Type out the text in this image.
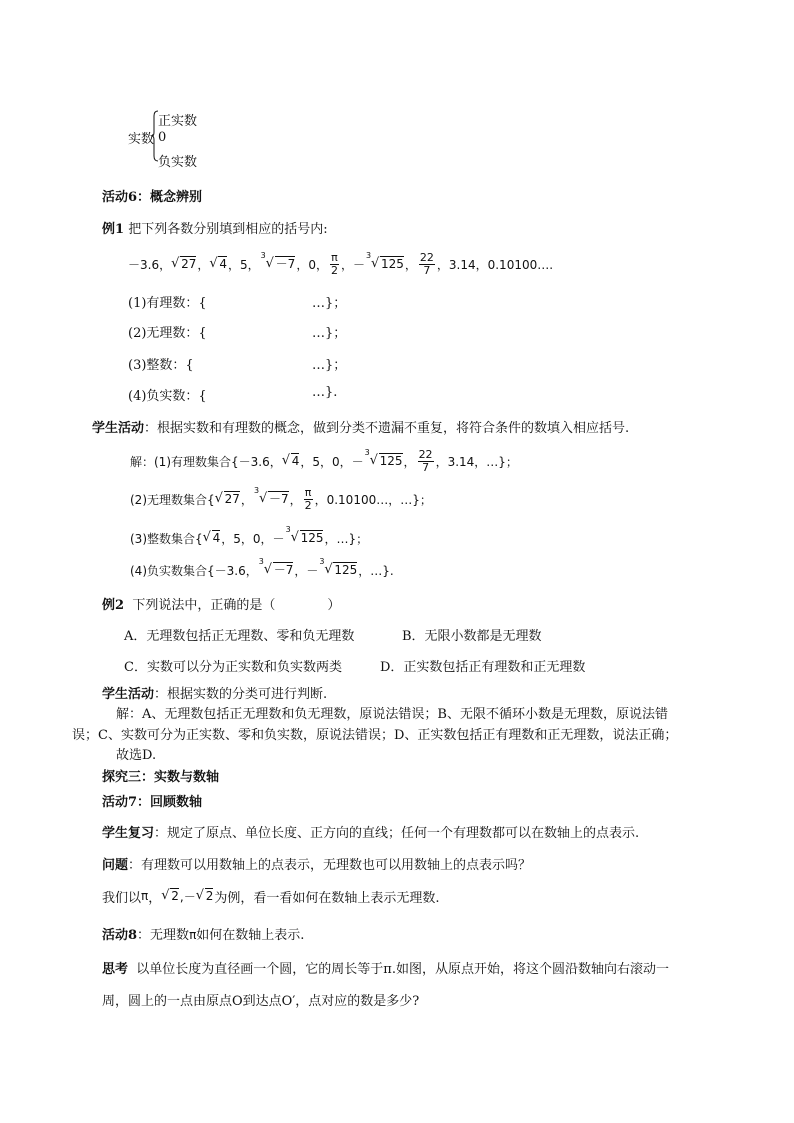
实数
正实数
0
负实数
活动6：概念辨别
例1 把下列各数分别填到相应的括号内:
－3.6， √ 27 ， √ 4 ，5，
3
√ －7 ，0， $\frac{\pi}{2}$ ，－
3
√ 125 ， $\frac{22}{7}$ ，3.14，0.10100….
(1)有理数：{	…}；
(2)无理数：{	…}；
(3)整数：{	…}；
(4)负实数：{	…}.
学生活动：根据实数和有理数的概念，做到分类不遗漏不重复，将符合条件的数填入相应括号.
解：(1)有理数集合{－3.6， √ 4 ，5，0，－
3
√ 125 ， $\frac{22}{7}$ ，3.14，…}；
(2)无理数集合{ √ 27 ，
3
√ －7 ， $\frac{\pi}{2}$ ，0.10100…，…}；
(3)整数集合{ √ 4 ，5，0，－
3
√ 125 ，…}；
(4)负实数集合{－3.6，
3
√ －7 ，－
3
√ 125 ，…}.
例2 下列说法中，正确的是（　　　　）
A．无理数包括正无理数、零和负无理数	B．无限小数都是无理数
C．实数可以分为正实数和负实数两类	D．正实数包括正有理数和正无理数
学生活动：根据实数的分类可进行判断.
解：A、无理数包括正无理数和负无理数，原说法错误；B、无限不循环小数是无理数，原说法错
误；C、实数可分为正实数、零和负实数，原说法错误；D、正实数包括正有理数和正无理数，说法正确；
故选D.
探究三：实数与数轴
活动7：回顾数轴
学生复习：规定了原点、单位长度、正方向的直线；任何一个有理数都可以在数轴上的点表示.
问题：有理数可以用数轴上的点表示，无理数也可以用数轴上的点表示吗？
我们以 π ， √ 2 ,－ √ 2 为例，看一看如何在数轴上表示无理数.
活动8：无理数π如何在数轴上表示.
思考 以单位长度为直径画一个圆，它的周长等于π.如图，从原点开始，将这个圆沿数轴向右滚动一
周，圆上的一点由原点O到达点O′，点对应的数是多少?
